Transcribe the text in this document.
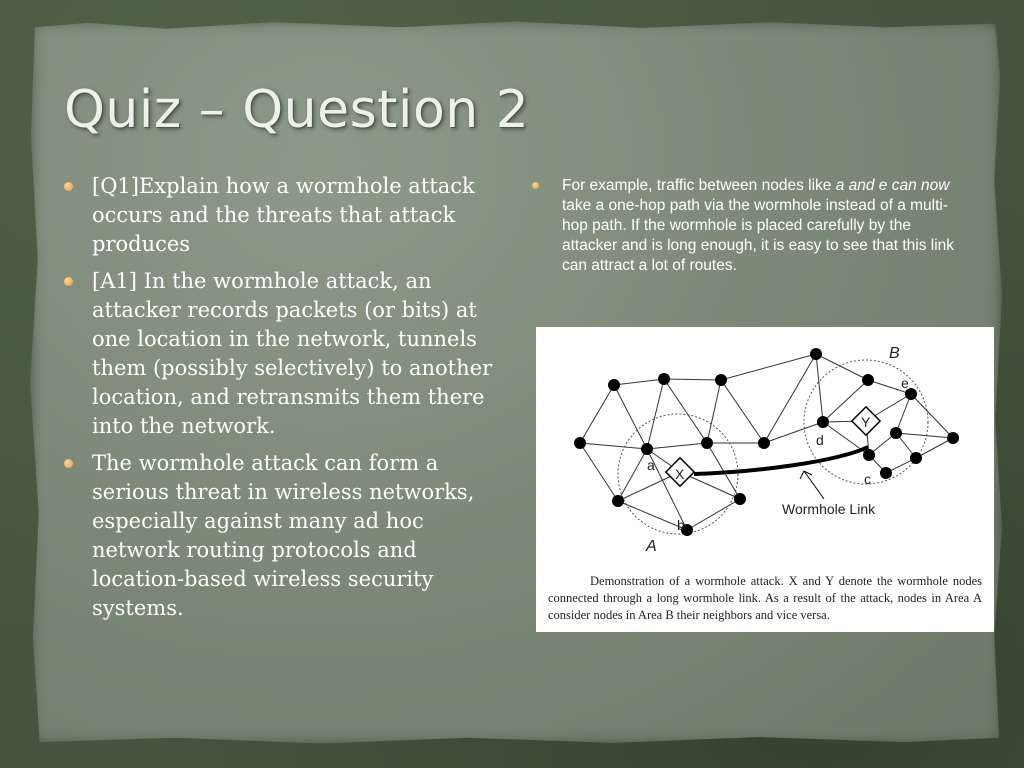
Quiz – Question 2
[Q1]Explain how a wormhole attack occurs and the threats that attack produces
[A1] In the wormhole attack, an attacker records packets (or bits) at one location in the network, tunnels them (possibly selectively) to another location, and retransmits them there into the network.
The wormhole attack can form a serious threat in wireless networks, especially against many ad hoc network routing protocols and location-based wireless security systems.
For example, traffic between nodes like a and e can now take a one-hop path via the wormhole instead of a multi-hop path. If the wormhole is placed carefully by the attacker and is long enough, it is easy to see that this link can attract a lot of routes.
X
Y
a
b
c
d
e
A
B
Wormhole Link

Demonstration of a wormhole attack. X and Y denote the wormhole nodes connected through a long wormhole link. As a result of the attack, nodes in Area A consider nodes in Area B their neighbors and vice versa.
